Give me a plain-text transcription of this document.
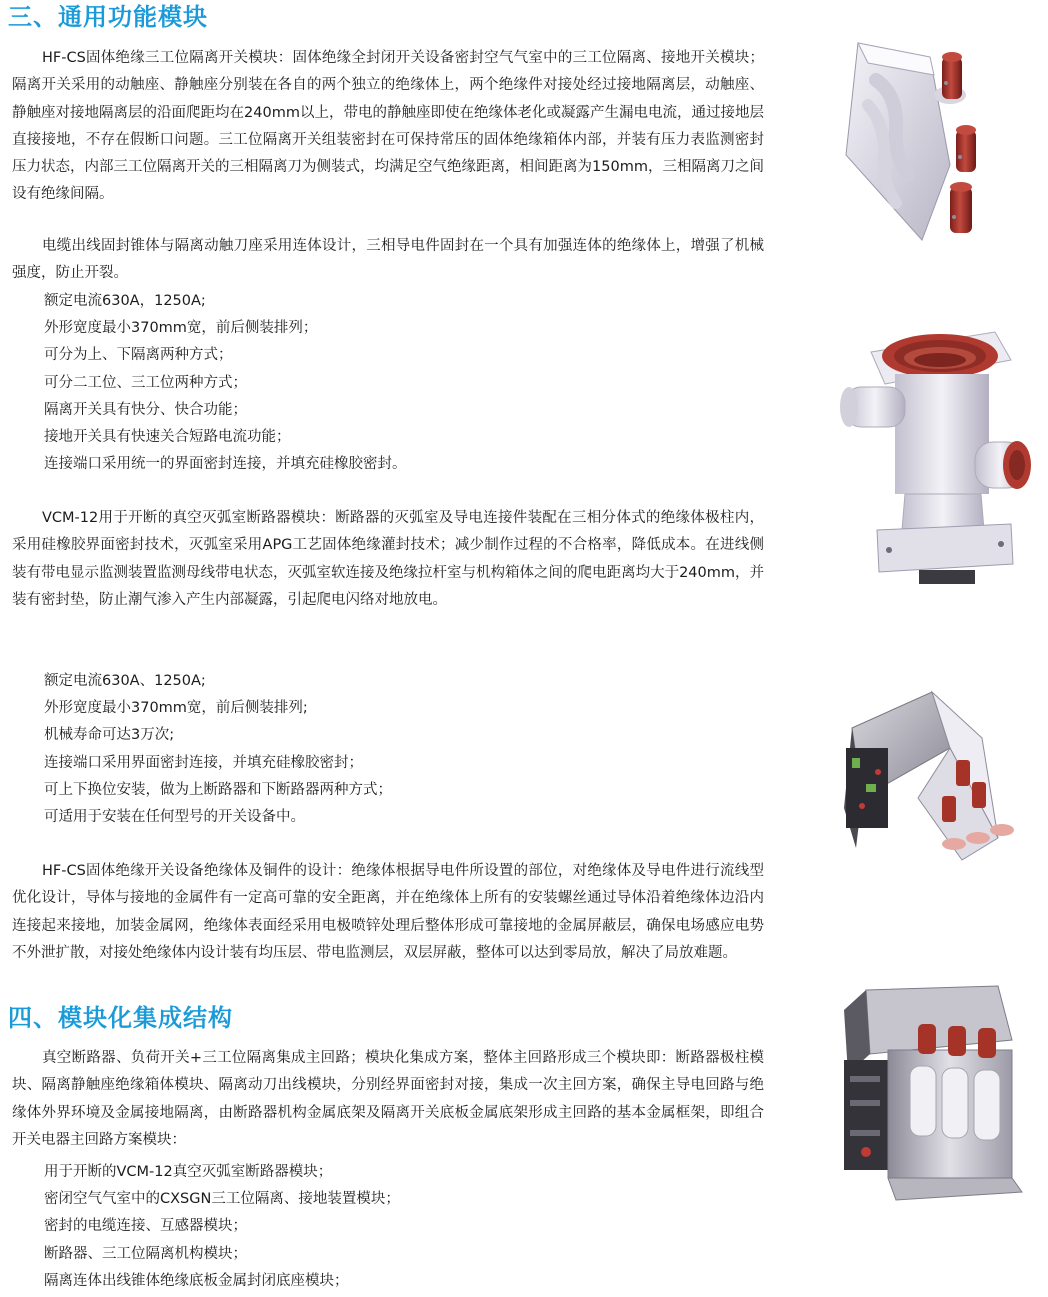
三、通用功能模块

HF-CS固体绝缘三工位隔离开关模块：固体绝缘全封闭开关设备密封空气气室中的三工位隔离、接地开关模块；隔离开关采用的动触座、静触座分别装在各自的两个独立的绝缘体上，两个绝缘件对接处经过接地隔离层，动触座、静触座对接地隔离层的沿面爬距均在240mm以上，带电的静触座即使在绝缘体老化或凝露产生漏电电流，通过接地层直接接地，不存在假断口问题。三工位隔离开关组装密封在可保持常压的固体绝缘箱体内部，并装有压力表监测密封压力状态，内部三工位隔离开关的三相隔离刀为侧装式，均满足空气绝缘距离，相间距离为150mm，三相隔离刀之间设有绝缘间隔。

电缆出线固封锥体与隔离动触刀座采用连体设计，三相导电件固封在一个具有加强连体的绝缘体上，增强了机械强度，防止开裂。

额定电流630A，1250A;
外形宽度最小370mm宽，前后侧装排列；
可分为上、下隔离两种方式；
可分二工位、三工位两种方式；
隔离开关具有快分、快合功能；
接地开关具有快速关合短路电流功能；
连接端口采用统一的界面密封连接，并填充硅橡胶密封。

VCM-12用于开断的真空灭弧室断路器模块：断路器的灭弧室及导电连接件装配在三相分体式的绝缘体极柱内，采用硅橡胶界面密封技术，灭弧室采用APG工艺固体绝缘灌封技术；减少制作过程的不合格率，降低成本。在进线侧装有带电显示监测装置监测母线带电状态，灭弧室软连接及绝缘拉杆室与机构箱体之间的爬电距离均大于240mm，并装有密封垫，防止潮气渗入产生内部凝露，引起爬电闪络对地放电。

额定电流630A、1250A;
外形宽度最小370mm宽，前后侧装排列;
机械寿命可达3万次;
连接端口采用界面密封连接，并填充硅橡胶密封；
可上下换位安装，做为上断路器和下断路器两种方式；
可适用于安装在任何型号的开关设备中。

HF-CS固体绝缘开关设备绝缘体及铜件的设计：绝缘体根据导电件所设置的部位，对绝缘体及导电件进行流线型优化设计，导体与接地的金属件有一定高可靠的安全距离，并在绝缘体上所有的安装螺丝通过导体沿着绝缘体边沿内连接起来接地，加装金属网，绝缘体表面经采用电极喷锌处理后整体形成可靠接地的金属屏蔽层，确保电场感应电势不外泄扩散，对接处绝缘体内设计装有均压层、带电监测层，双层屏蔽，整体可以达到零局放，解决了局放难题。

四、模块化集成结构

真空断路器、负荷开关+三工位隔离集成主回路；模块化集成方案，整体主回路形成三个模块即：断路器极柱模块、隔离静触座绝缘箱体模块、隔离动刀出线模块，分别经界面密封对接，集成一次主回方案，确保主导电回路与绝缘体外界环境及金属接地隔离，由断路器机构金属底架及隔离开关底板金属底架形成主回路的基本金属框架，即组合开关电器主回路方案模块：

用于开断的VCM-12真空灭弧室断路器模块；
密闭空气气室中的CXSGN三工位隔离、接地装置模块；
密封的电缆连接、互感器模块；
断路器、三工位隔离机构模块；
隔离连体出线锥体绝缘底板金属封闭底座模块；
